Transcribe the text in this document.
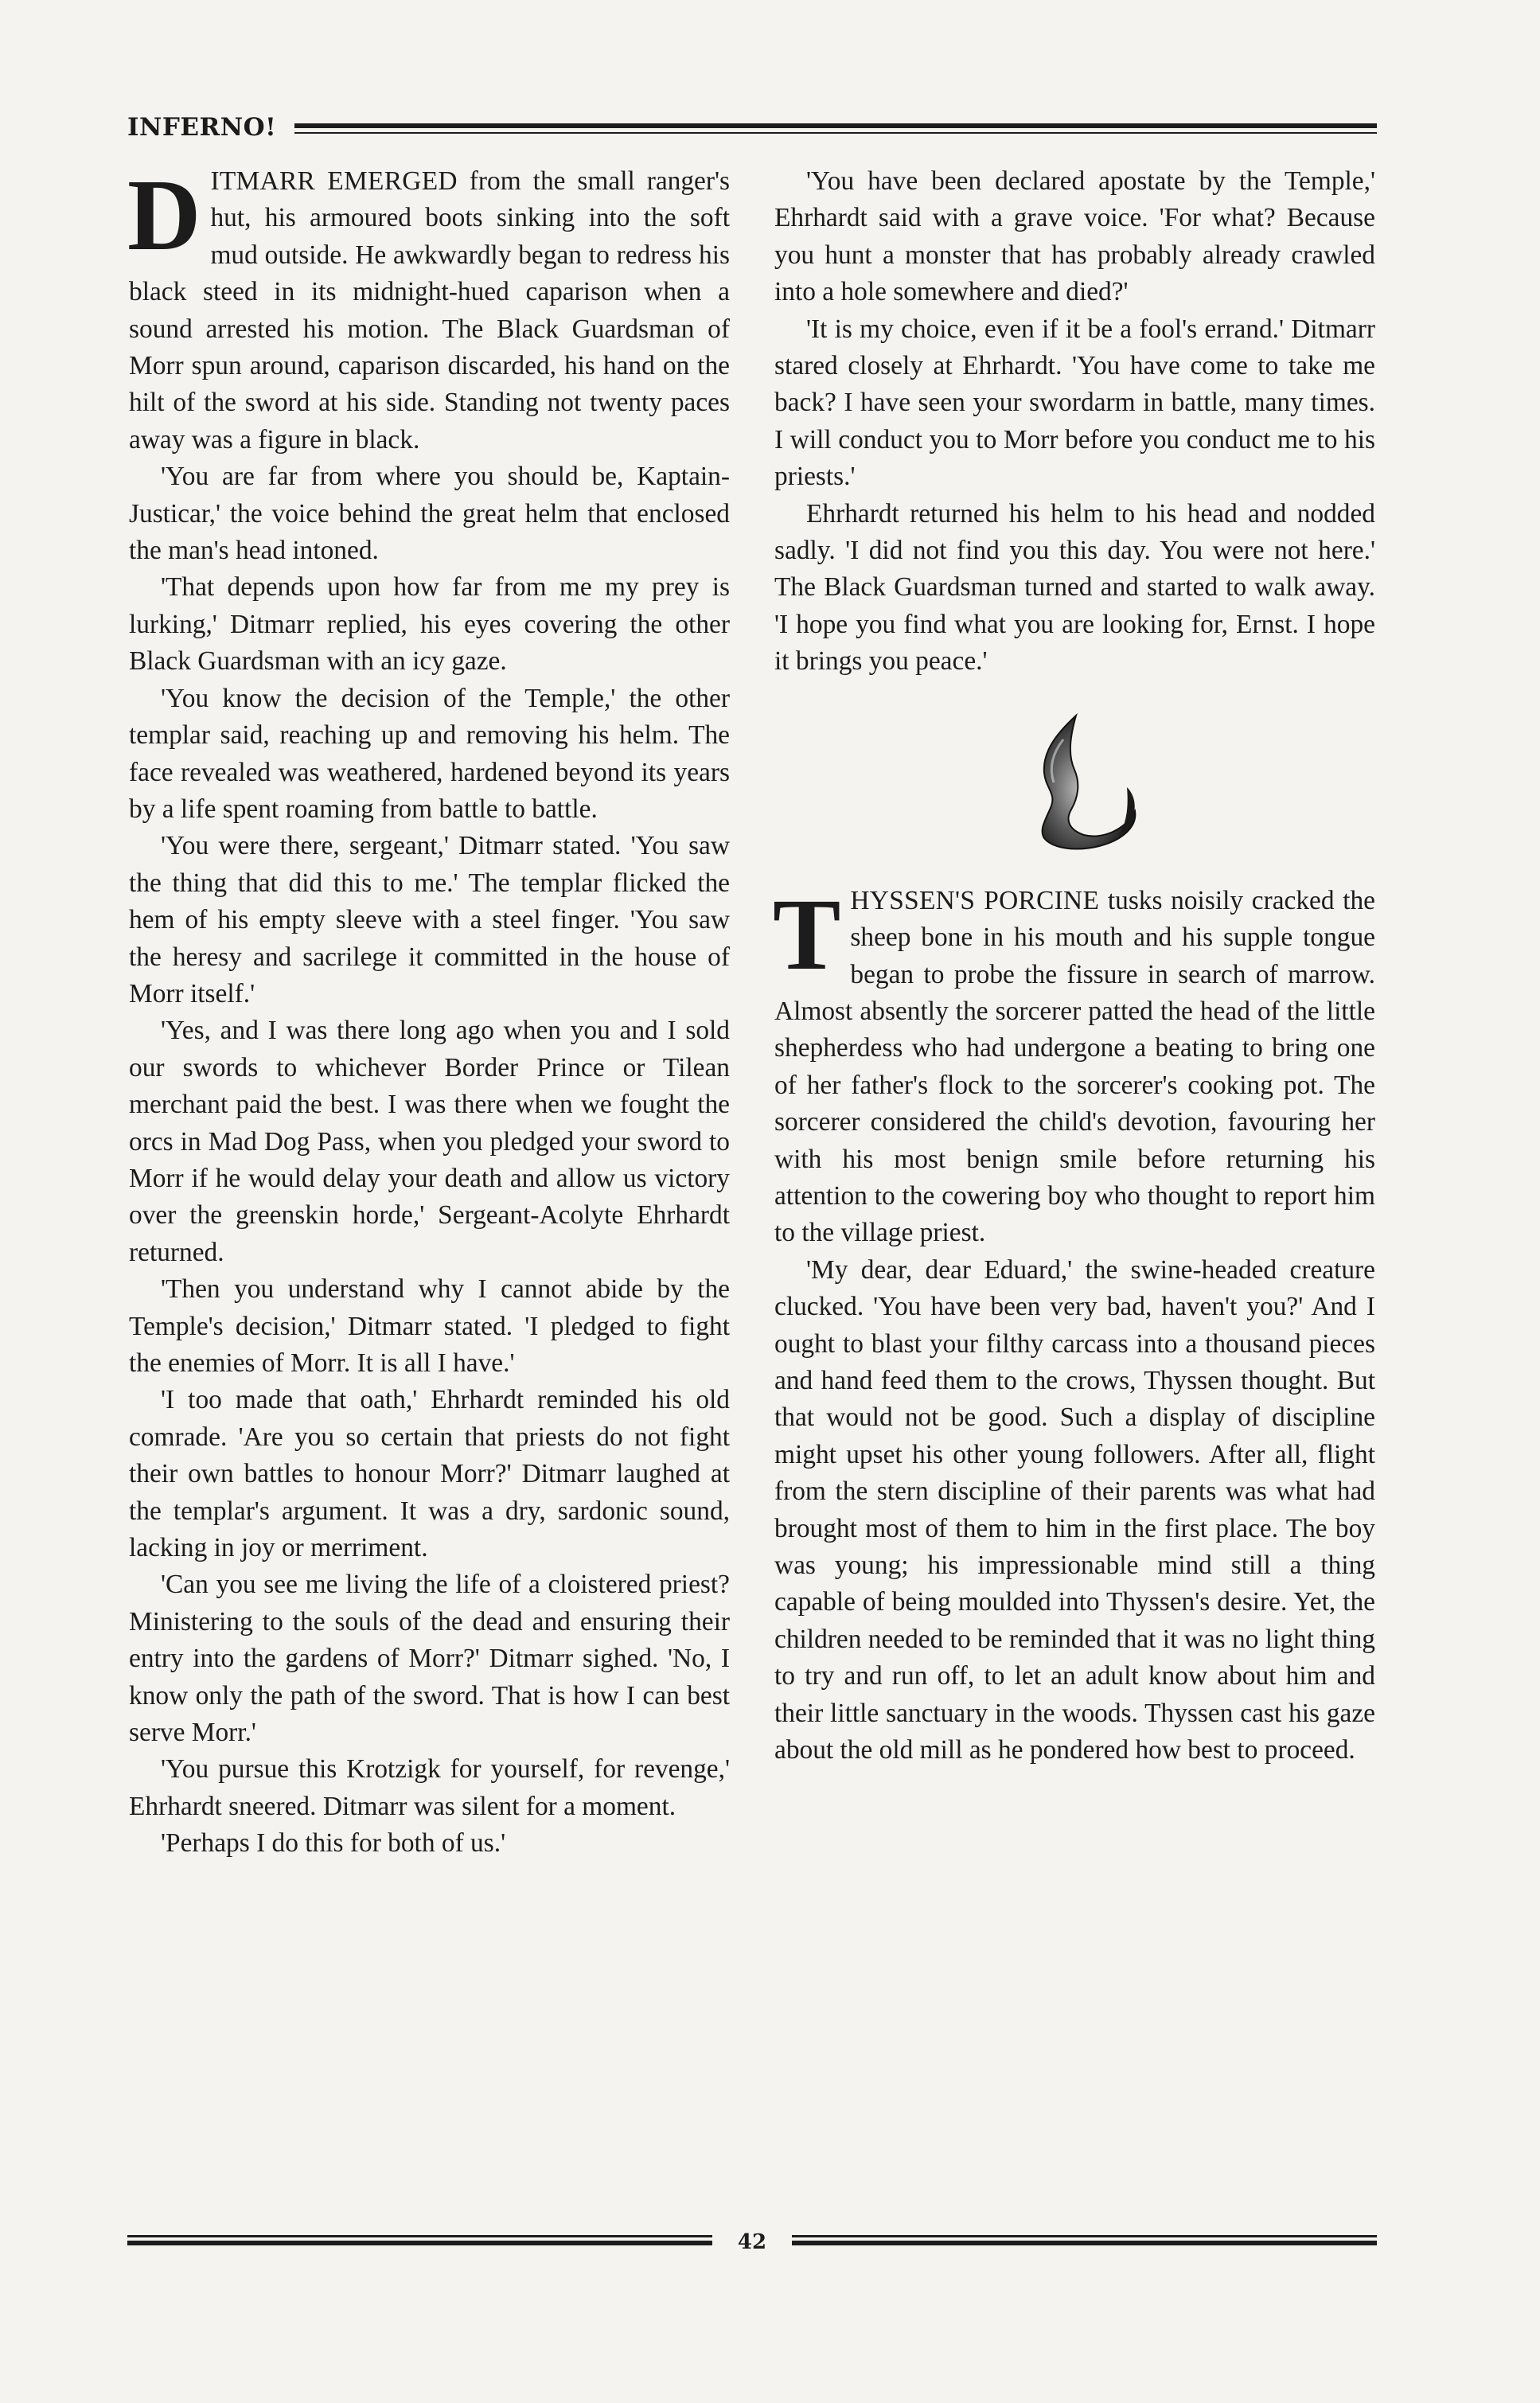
INFERNO!

DITMARR EMERGED from the small ranger's hut, his armoured boots sinking into the soft mud outside. He awkwardly began to redress his black steed in its midnight-hued caparison when a sound arrested his motion. The Black Guardsman of Morr spun around, caparison discarded, his hand on the hilt of the sword at his side. Standing not twenty paces away was a figure in black.

'You are far from where you should be, Kaptain-Justicar,' the voice behind the great helm that enclosed the man's head intoned.

'That depends upon how far from me my prey is lurking,' Ditmarr replied, his eyes covering the other Black Guardsman with an icy gaze.

'You know the decision of the Temple,' the other templar said, reaching up and removing his helm. The face revealed was weathered, hardened beyond its years by a life spent roaming from battle to battle.

'You were there, sergeant,' Ditmarr stated. 'You saw the thing that did this to me.' The templar flicked the hem of his empty sleeve with a steel finger. 'You saw the heresy and sacrilege it committed in the house of Morr itself.'

'Yes, and I was there long ago when you and I sold our swords to whichever Border Prince or Tilean merchant paid the best. I was there when we fought the orcs in Mad Dog Pass, when you pledged your sword to Morr if he would delay your death and allow us victory over the greenskin horde,' Sergeant-Acolyte Ehrhardt returned.

'Then you understand why I cannot abide by the Temple's decision,' Ditmarr stated. 'I pledged to fight the enemies of Morr. It is all I have.'

'I too made that oath,' Ehrhardt reminded his old comrade. 'Are you so certain that priests do not fight their own battles to honour Morr?' Ditmarr laughed at the templar's argument. It was a dry, sardonic sound, lacking in joy or merriment.

'Can you see me living the life of a cloistered priest? Ministering to the souls of the dead and ensuring their entry into the gardens of Morr?' Ditmarr sighed. 'No, I know only the path of the sword. That is how I can best serve Morr.'

'You pursue this Krotzigk for yourself, for revenge,' Ehrhardt sneered. Ditmarr was silent for a moment.

'Perhaps I do this for both of us.'

'You have been declared apostate by the Temple,' Ehrhardt said with a grave voice. 'For what? Because you hunt a monster that has probably already crawled into a hole somewhere and died?'

'It is my choice, even if it be a fool's errand.' Ditmarr stared closely at Ehrhardt. 'You have come to take me back? I have seen your swordarm in battle, many times. I will conduct you to Morr before you conduct me to his priests.'

Ehrhardt returned his helm to his head and nodded sadly. 'I did not find you this day. You were not here.' The Black Guardsman turned and started to walk away. 'I hope you find what you are looking for, Ernst. I hope it brings you peace.'

THYSSEN'S PORCINE tusks noisily cracked the sheep bone in his mouth and his supple tongue began to probe the fissure in search of marrow. Almost absently the sorcerer patted the head of the little shepherdess who had undergone a beating to bring one of her father's flock to the sorcerer's cooking pot. The sorcerer considered the child's devotion, favouring her with his most benign smile before returning his attention to the cowering boy who thought to report him to the village priest.

'My dear, dear Eduard,' the swine-headed creature clucked. 'You have been very bad, haven't you?' And I ought to blast your filthy carcass into a thousand pieces and hand feed them to the crows, Thyssen thought. But that would not be good. Such a display of discipline might upset his other young followers. After all, flight from the stern discipline of their parents was what had brought most of them to him in the first place. The boy was young; his impressionable mind still a thing capable of being moulded into Thyssen's desire. Yet, the children needed to be reminded that it was no light thing to try and run off, to let an adult know about him and their little sanctuary in the woods. Thyssen cast his gaze about the old mill as he pondered how best to proceed.

42
